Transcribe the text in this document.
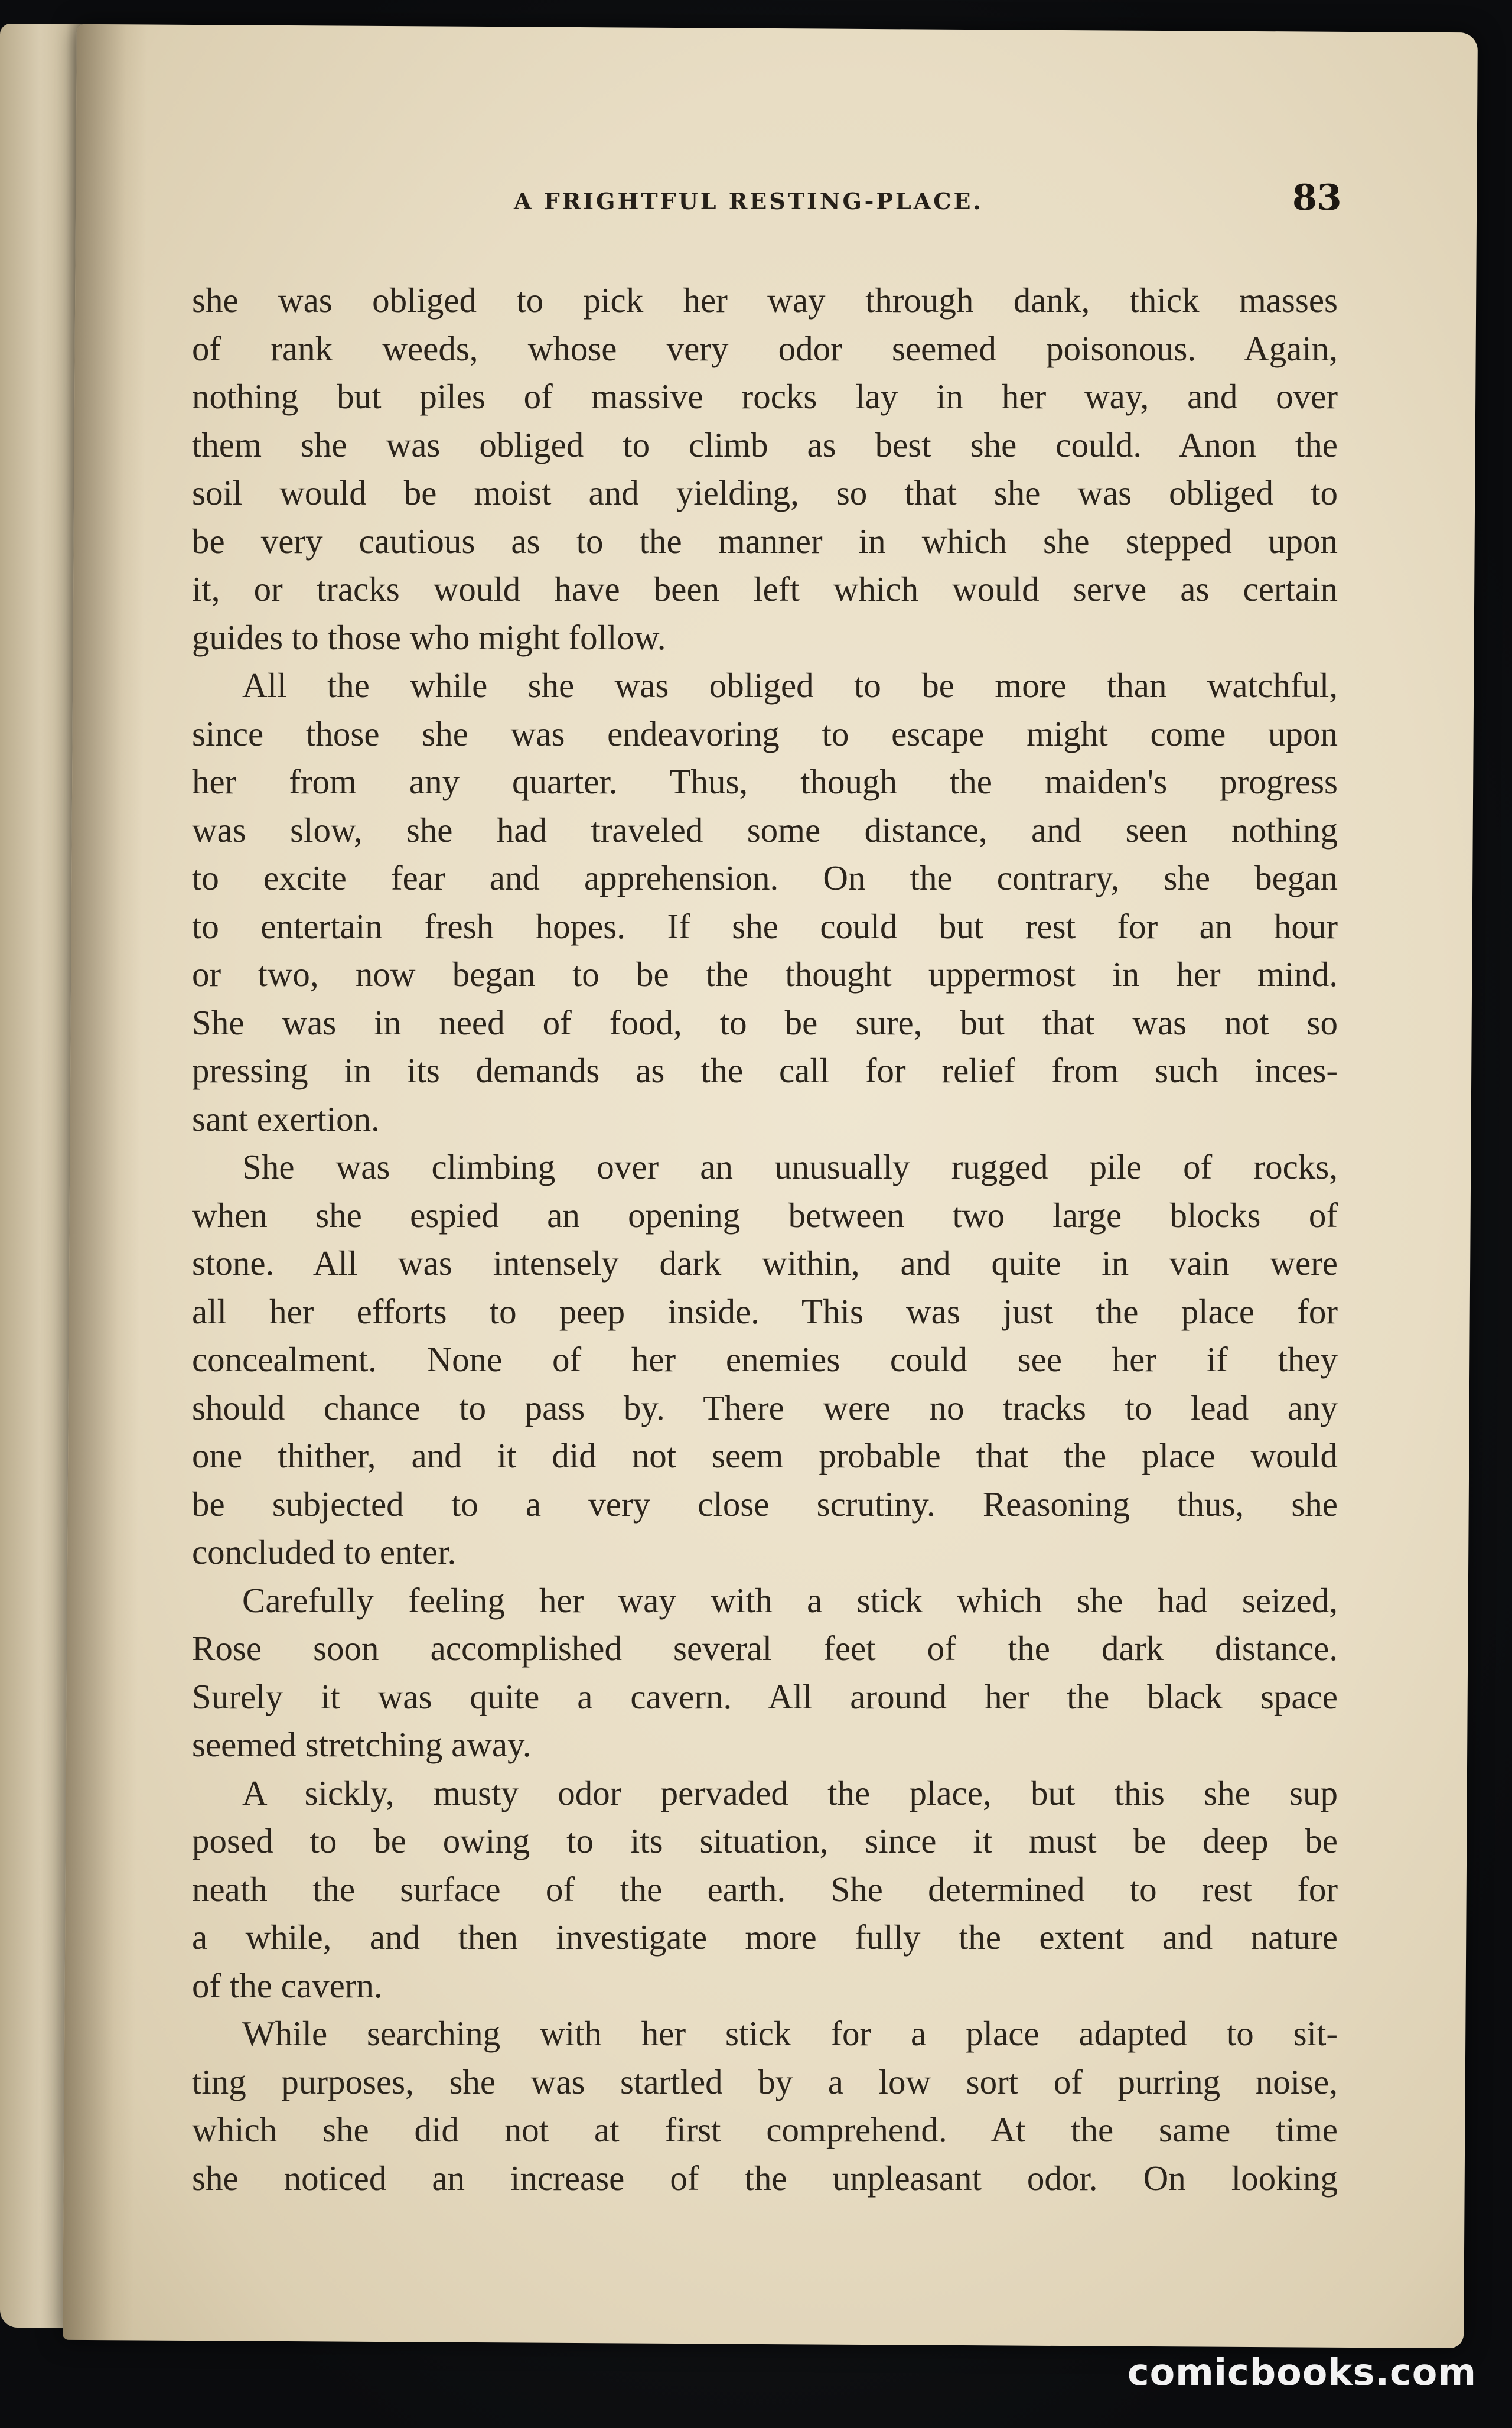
A FRIGHTFUL RESTING-PLACE.	83
she was obliged to pick her way through dank, thick masses
of rank weeds, whose very odor seemed poisonous. Again,
nothing but piles of massive rocks lay in her way, and over
them she was obliged to climb as best she could. Anon the
soil would be moist and yielding, so that she was obliged to
be very cautious as to the manner in which she stepped upon
it, or tracks would have been left which would serve as certain
guides to those who might follow.
All the while she was obliged to be more than watchful,
since those she was endeavoring to escape might come upon
her from any quarter. Thus, though the maiden's progress
was slow, she had traveled some distance, and seen nothing
to excite fear and apprehension. On the contrary, she began
to entertain fresh hopes. If she could but rest for an hour
or two, now began to be the thought uppermost in her mind.
She was in need of food, to be sure, but that was not so
pressing in its demands as the call for relief from such inces-
sant exertion.
She was climbing over an unusually rugged pile of rocks,
when she espied an opening between two large blocks of
stone. All was intensely dark within, and quite in vain were
all her efforts to peep inside. This was just the place for
concealment. None of her enemies could see her if they
should chance to pass by. There were no tracks to lead any
one thither, and it did not seem probable that the place would
be subjected to a very close scrutiny. Reasoning thus, she
concluded to enter.
Carefully feeling her way with a stick which she had seized,
Rose soon accomplished several feet of the dark distance.
Surely it was quite a cavern. All around her the black space
seemed stretching away.
A sickly, musty odor pervaded the place, but this she sup
posed to be owing to its situation, since it must be deep be
neath the surface of the earth. She determined to rest for
a while, and then investigate more fully the extent and nature
of the cavern.
While searching with her stick for a place adapted to sit-
ting purposes, she was startled by a low sort of purring noise,
which she did not at first comprehend. At the same time
she noticed an increase of the unpleasant odor. On looking
comicbooks.com
